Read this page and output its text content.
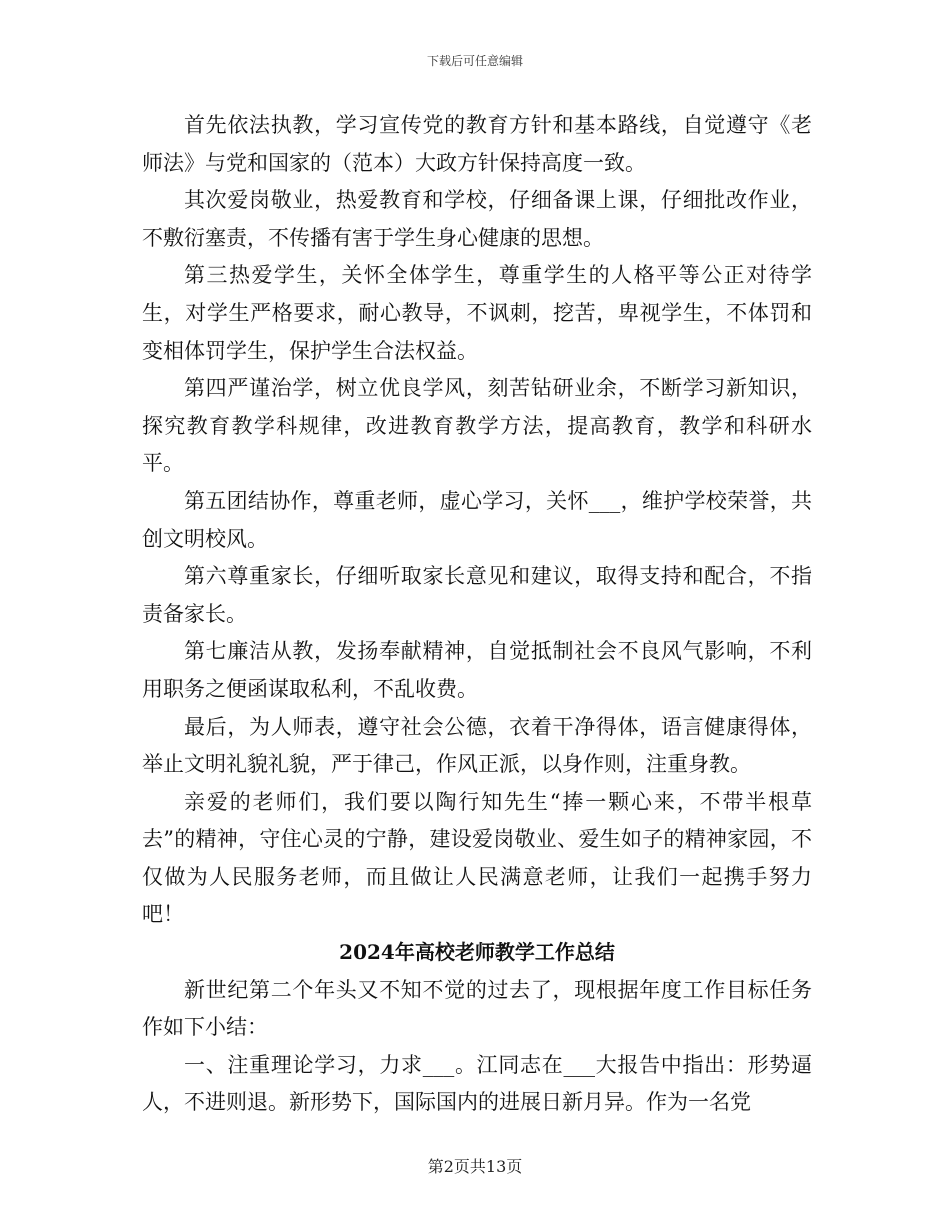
下载后可任意编辑

首先依法执教，学习宣传党的教育方针和基本路线，自觉遵守《老师法》与党和国家的（范本）大政方针保持高度一致。

其次爱岗敬业，热爱教育和学校，仔细备课上课，仔细批改作业，不敷衍塞责，不传播有害于学生身心健康的思想。

第三热爱学生，关怀全体学生，尊重学生的人格平等公正对待学生，对学生严格要求，耐心教导，不讽刺，挖苦，卑视学生，不体罚和变相体罚学生，保护学生合法权益。

第四严谨治学，树立优良学风，刻苦钻研业余，不断学习新知识，探究教育教学科规律，改进教育教学方法，提高教育，教学和科研水平。

第五团结协作，尊重老师，虚心学习，关怀___，维护学校荣誉，共创文明校风。

第六尊重家长，仔细听取家长意见和建议，取得支持和配合，不指责备家长。

第七廉洁从教，发扬奉献精神，自觉抵制社会不良风气影响，不利用职务之便函谋取私利，不乱收费。

最后，为人师表，遵守社会公德，衣着干净得体，语言健康得体，举止文明礼貌礼貌，严于律己，作风正派，以身作则，注重身教。

亲爱的老师们，我们要以陶行知先生“捧一颗心来，不带半根草去”的精神，守住心灵的宁静，建设爱岗敬业、爱生如子的精神家园，不仅做为人民服务老师，而且做让人民满意老师，让我们一起携手努力吧！

2024年高校老师教学工作总结

新世纪第二个年头又不知不觉的过去了，现根据年度工作目标任务作如下小结：

一、注重理论学习，力求___。江同志在___大报告中指出：形势逼人，不进则退。新形势下，国际国内的进展日新月异。作为一名党

第2页共13页
